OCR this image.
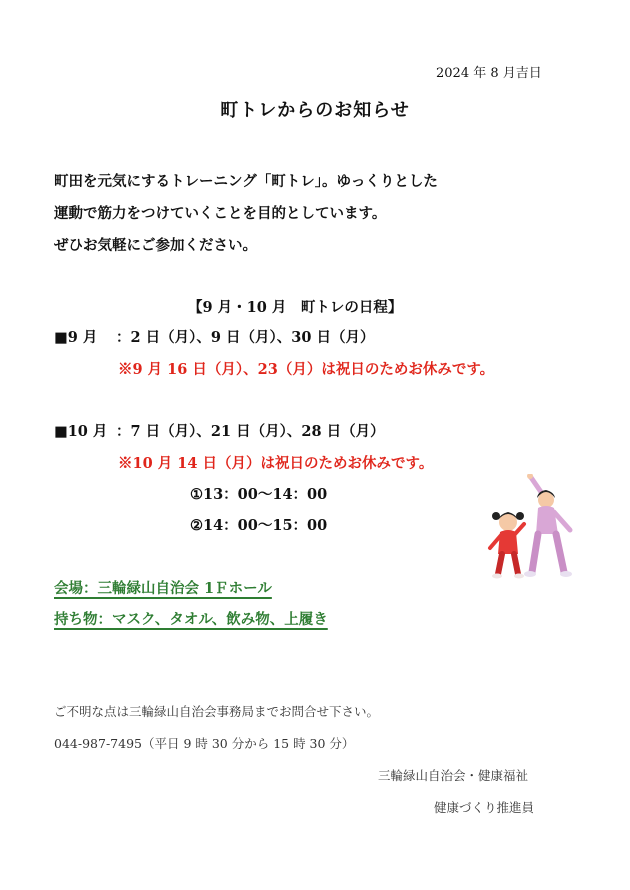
2024 年 8 月吉日
町トレからのお知らせ
町田を元気にするトレーニング「町トレ」。ゆっくりとした
運動で筋力をつけていくことを目的としています。
ぜひお気軽にご参加ください。
【9 月・10 月　町トレの日程】
■9 月 ：2 日（月）、9 日（月）、30 日（月）
※9 月 16 日（月）、23（月）は祝日のためお休みです。
■10 月 ：7 日（月）、21 日（月）、28 日（月）
※10 月 14 日（月）は祝日のためお休みです。
①13：00〜14：00
②14：00〜15：00
会場：三輪緑山自治会 1Ｆホール
持ち物：マスク、タオル、飲み物、上履き
ご不明な点は三輪緑山自治会事務局までお問合せ下さい。
044-987-7495（平日 9 時 30 分から 15 時 30 分）
三輪緑山自治会・健康福祉
健康づくり推進員
